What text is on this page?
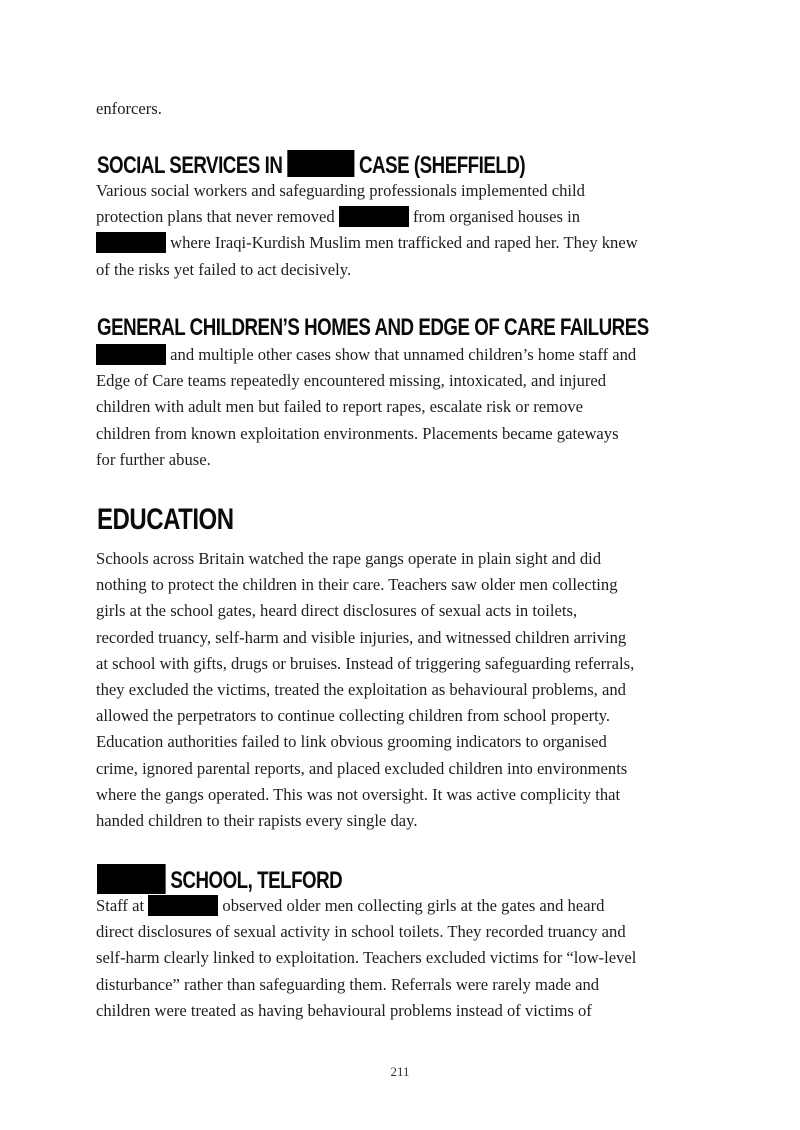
enforcers.

SOCIAL SERVICES IN	CASE (SHEFFIELD)

Various social workers and safeguarding professionals implemented child
protection plans that never removed	from organised houses in
where Iraqi-Kurdish Muslim men trafficked and raped her. They knew
of the risks yet failed to act decisively.

GENERAL CHILDREN’S HOMES AND EDGE OF CARE FAILURES

and multiple other cases show that unnamed children’s home staff and
Edge of Care teams repeatedly encountered missing, intoxicated, and injured
children with adult men but failed to report rapes, escalate risk or remove
children from known exploitation environments. Placements became gateways
for further abuse.

EDUCATION

Schools across Britain watched the rape gangs operate in plain sight and did
nothing to protect the children in their care. Teachers saw older men collecting
girls at the school gates, heard direct disclosures of sexual acts in toilets,
recorded truancy, self-harm and visible injuries, and witnessed children arriving
at school with gifts, drugs or bruises. Instead of triggering safeguarding referrals,
they excluded the victims, treated the exploitation as behavioural problems, and
allowed the perpetrators to continue collecting children from school property.
Education authorities failed to link obvious grooming indicators to organised
crime, ignored parental reports, and placed excluded children into environments
where the gangs operated. This was not oversight. It was active complicity that
handed children to their rapists every single day.

SCHOOL, TELFORD

Staff at	observed older men collecting girls at the gates and heard
direct disclosures of sexual activity in school toilets. They recorded truancy and
self-harm clearly linked to exploitation. Teachers excluded victims for “low-level
disturbance” rather than safeguarding them. Referrals were rarely made and
children were treated as having behavioural problems instead of victims of

211
